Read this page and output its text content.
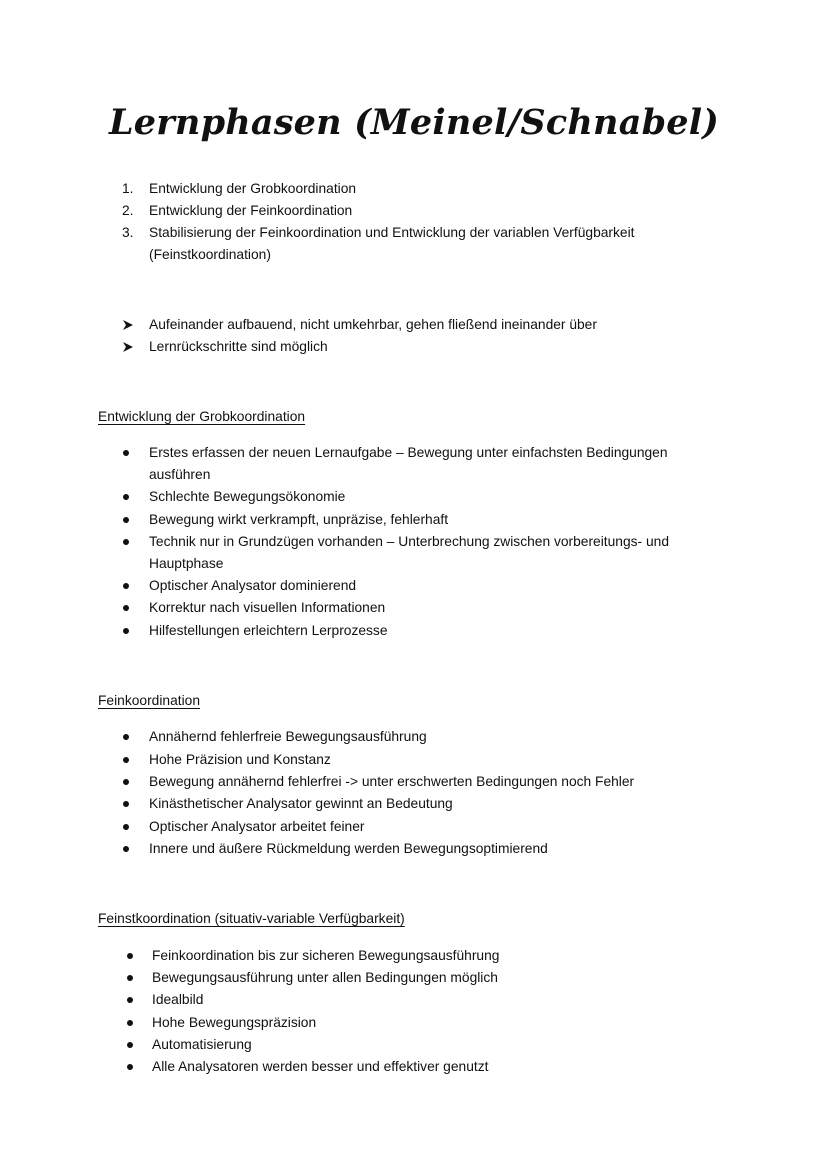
Lernphasen (Meinel/Schnabel)
1. Entwicklung der Grobkoordination
2. Entwicklung der Feinkoordination
3. Stabilisierung der Feinkoordination und Entwicklung der variablen Verfügbarkeit
(Feinstkoordination)
Aufeinander aufbauend, nicht umkehrbar, gehen fließend ineinander über
Lernrückschritte sind möglich
Entwicklung der Grobkoordination
Erstes erfassen der neuen Lernaufgabe – Bewegung unter einfachsten Bedingungen
ausführen
Schlechte Bewegungsökonomie
Bewegung wirkt verkrampft, unpräzise, fehlerhaft
Technik nur in Grundzügen vorhanden – Unterbrechung zwischen vorbereitungs- und
Hauptphase
Optischer Analysator dominierend
Korrektur nach visuellen Informationen
Hilfestellungen erleichtern Lerprozesse
Feinkoordination
Annähernd fehlerfreie Bewegungsausführung
Hohe Präzision und Konstanz
Bewegung annähernd fehlerfrei -> unter erschwerten Bedingungen noch Fehler
Kinästhetischer Analysator gewinnt an Bedeutung
Optischer Analysator arbeitet feiner
Innere und äußere Rückmeldung werden Bewegungsoptimierend
Feinstkoordination (situativ-variable Verfügbarkeit)
Feinkoordination bis zur sicheren Bewegungsausführung
Bewegungsausführung unter allen Bedingungen möglich
Idealbild
Hohe Bewegungspräzision
Automatisierung
Alle Analysatoren werden besser und effektiver genutzt
